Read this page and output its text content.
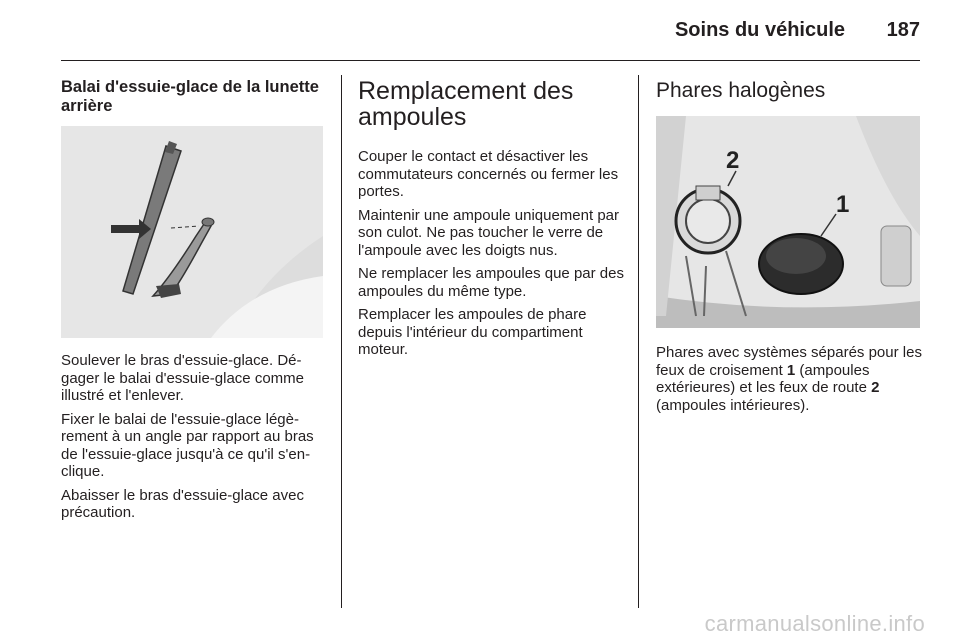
Soins du véhicule	187
Balai d'essuie-glace de la lunette arrière

Soulever le bras d'essuie-glace. Dégager le balai d'essuie-glace comme illustré et l'enlever.

Fixer le balai de l'essuie-glace légèrement à un angle par rapport au bras de l'essuie-glace jusqu'à ce qu'il s'enclique.

Abaisser le bras d'essuie-glace avec précaution.

Remplacement des ampoules

Couper le contact et désactiver les commutateurs concernés ou fermer les portes.

Maintenir une ampoule uniquement par son culot. Ne pas toucher le verre de l'ampoule avec les doigts nus.

Ne remplacer les ampoules que par des ampoules du même type.

Remplacer les ampoules de phare depuis l'intérieur du compartiment moteur.

Phares halogènes
2
1

Phares avec systèmes séparés pour les feux de croisement 1 (ampoules extérieures) et les feux de route 2 (ampoules intérieures).

carmanualsonline.info
